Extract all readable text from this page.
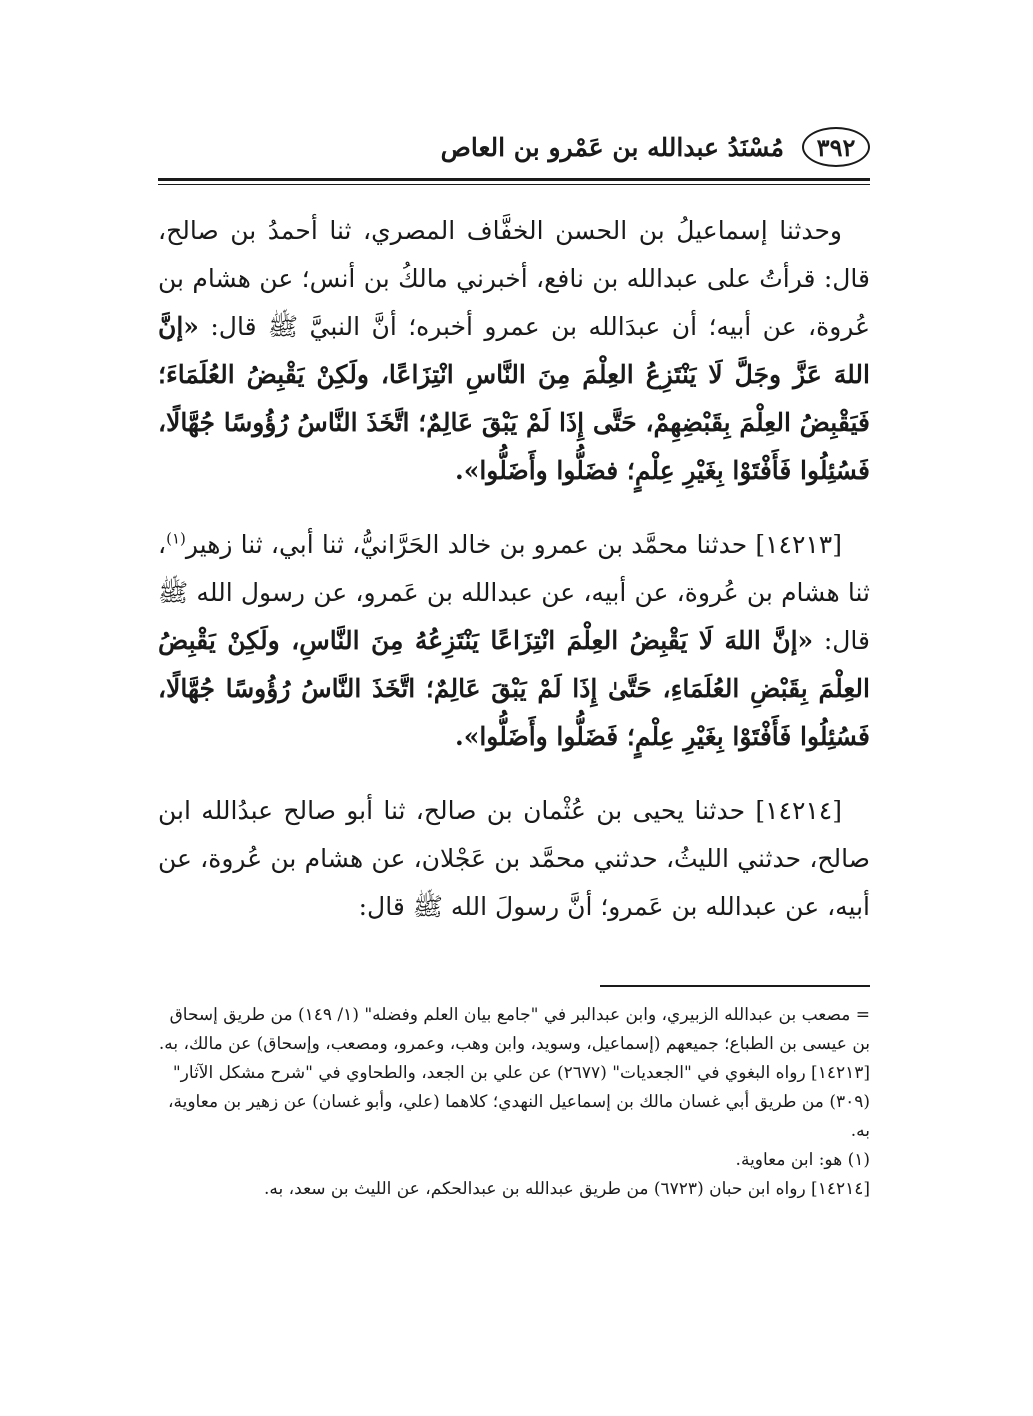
٣٩٢
مُسْنَدُ عبدالله بن عَمْرو بن العاص

وحدثنا إسماعيلُ بن الحسن الخفَّاف المصري، ثنا أحمدُ بن صالح، قال: قرأتُ على عبدالله بن نافع، أخبرني مالكُ بن أنس؛ عن هشام بن عُروة، عن أبيه؛ أن عبدَالله بن عمرو أخبره؛ أنَّ النبيَّ ﷺ قال: «إنَّ اللهَ عَزَّ وجَلَّ لَا يَنْتَزِعُ العِلْمَ مِنَ النَّاسِ انْتِزَاعًا، ولَكِنْ يَقْبِضُ العُلَمَاءَ؛ فَيَقْبِضُ العِلْمَ بِقَبْضِهِمْ، حَتَّى إِذَا لَمْ يَبْقَ عَالِمٌ؛ اتَّخَذَ النَّاسُ رُؤُوسًا جُهَّالًا، فَسُئِلُوا فَأَفْتَوْا بِغَيْرِ عِلْمٍ؛ فضَلُّوا وأَضَلُّوا».

[١٤٢١٣] حدثنا محمَّد بن عمرو بن خالد الحَرَّانيُّ، ثنا أبي، ثنا زهير$^{(١)}$، ثنا هشام بن عُروة، عن أبيه، عن عبدالله بن عَمرو، عن رسول الله ﷺ قال: «إنَّ اللهَ لَا يَقْبِضُ العِلْمَ انْتِزَاعًا يَنْتَزِعُهُ مِنَ النَّاسِ، ولَكِنْ يَقْبِضُ العِلْمَ بِقَبْضِ العُلَمَاءِ، حَتَّىٰ إِذَا لَمْ يَبْقَ عَالِمٌ؛ اتَّخَذَ النَّاسُ رُؤُوسًا جُهَّالًا، فَسُئِلُوا فَأَفْتَوْا بِغَيْرِ عِلْمٍ؛ فَضَلُّوا وأَضَلُّوا».

[١٤٢١٤] حدثنا يحيى بن عُثْمان بن صالح، ثنا أبو صالح عبدُالله ابن صالح، حدثني الليثُ، حدثني محمَّد بن عَجْلان، عن هشام بن عُروة، عن أبيه، عن عبدالله بن عَمرو؛ أنَّ رسولَ الله ﷺ قال:

= مصعب بن عبدالله الزبيري، وابن عبدالبر في "جامع بيان العلم وفضله" (١/ ١٤٩) من طريق إسحاق بن عيسى بن الطباع؛ جميعهم (إسماعيل، وسويد، وابن وهب، وعمرو، ومصعب، وإسحاق) عن مالك، به.

[١٤٢١٣] رواه البغوي في "الجعديات" (٢٦٧٧) عن علي بن الجعد، والطحاوي في "شرح مشكل الآثار" (٣٠٩) من طريق أبي غسان مالك بن إسماعيل النهدي؛ كلاهما (علي، وأبو غسان) عن زهير بن معاوية، به.

(١) هو: ابن معاوية.

[١٤٢١٤] رواه ابن حبان (٦٧٢٣) من طريق عبدالله بن عبدالحكم، عن الليث بن سعد، به.
